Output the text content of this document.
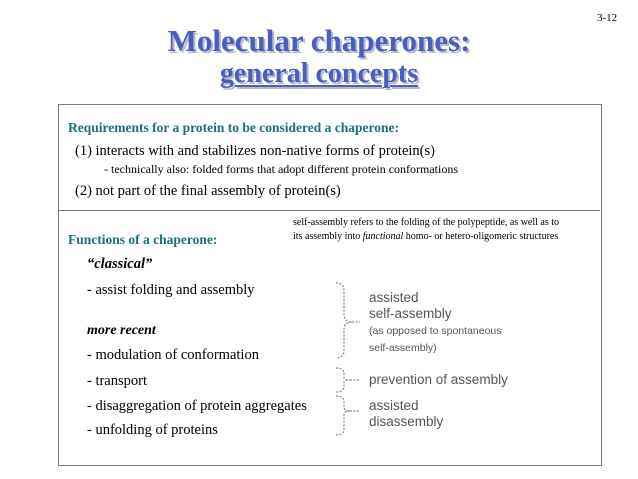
3-12
Molecular chaperones:
general concepts
Requirements for a protein to be considered a chaperone:
(1) interacts with and stabilizes non-native forms of protein(s)
- technically also: folded forms that adopt different protein conformations
(2) not part of the final assembly of protein(s)
self-assembly refers to the folding of the polypeptide, as well as to
its assembly into functional homo- or hetero-oligomeric structures
Functions of a chaperone:
“classical”
- assist folding and assembly
more recent
- modulation of conformation
- transport
- disaggregation of protein aggregates
- unfolding of proteins
assisted
self-assembly
(as opposed to spontaneous
self-assembly)
prevention of assembly
assisted
disassembly
